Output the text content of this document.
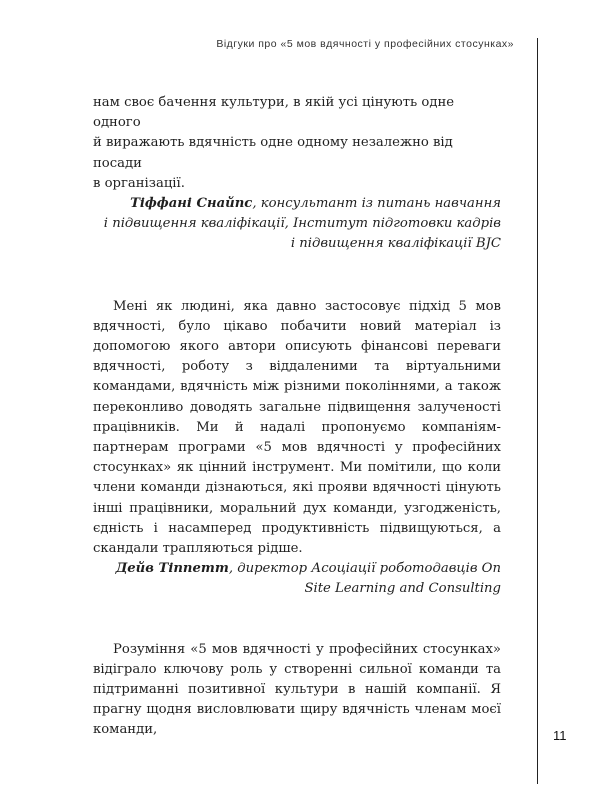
Відгуки про «5 мов вдячності у професійних стосунках»
11

нам своє бачення культури, в якій усі цінують одне одного
й виражають вдячність одне одному незалежно від посади
в організації.

Тіффані Снайпс, консультант із питань навчання
і підвищення кваліфікації, Інститут підготовки кадрів
і підвищення кваліфікації BJC

Мені як людині, яка давно застосовує підхід 5 мов вдячності, було цікаво побачити новий матеріал із допомогою якого автори описують фінансові переваги вдячності, роботу з віддаленими та віртуальними командами, вдячність між різними поколіннями, а також переконливо доводять загальне підвищення залученості працівників. Ми й надалі пропонуємо компаніям-партнерам програми «5 мов вдячності у професійних стосунках» як цінний інструмент. Ми помітили, що коли члени команди дізнаються, які прояви вдячності цінують інші працівники, моральний дух команди, узгодженість, єдність і насамперед продуктивність підвищуються, а скандали трапляються рідше.

Дейв Тіппетт, директор Асоціації роботодавців On
Site Learning and Consulting

Розуміння «5 мов вдячності у професійних стосунках» відіграло ключову роль у створенні сильної команди та підтриманні позитивної культури в нашій компанії. Я прагну щодня висловлювати щиру вдячність членам моєї команди,
